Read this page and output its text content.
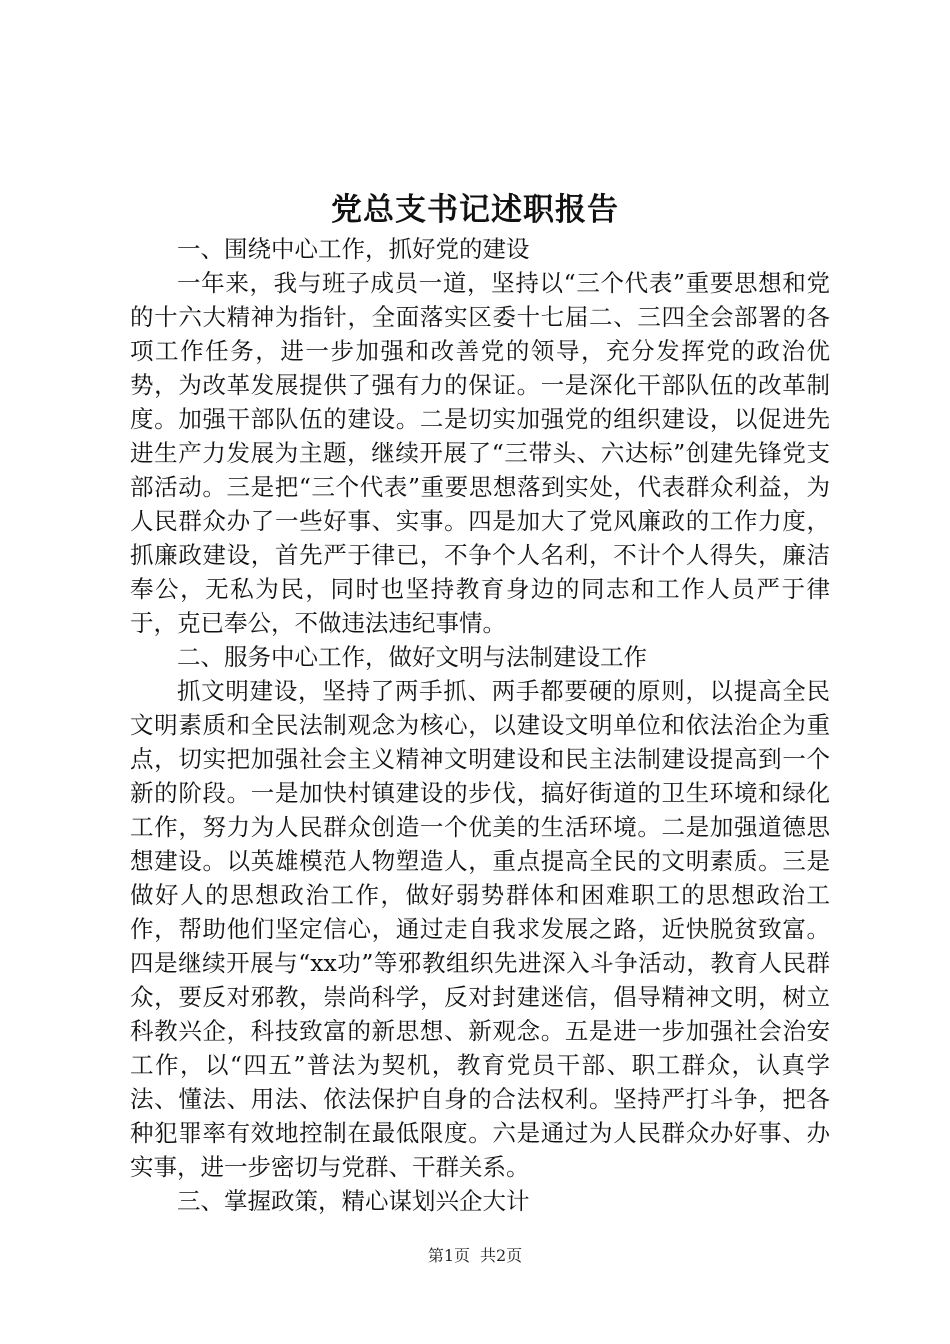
党总支书记述职报告

一、围绕中心工作，抓好党的建设

一年来，我与班子成员一道，坚持以“三个代表”重要思想和党的十六大精神为指针，全面落实区委十七届二、三四全会部署的各项工作任务，进一步加强和改善党的领导，充分发挥党的政治优势，为改革发展提供了强有力的保证。一是深化干部队伍的改革制度。加强干部队伍的建设。二是切实加强党的组织建设，以促进先进生产力发展为主题，继续开展了“三带头、六达标”创建先锋党支部活动。三是把“三个代表”重要思想落到实处，代表群众利益，为人民群众办了一些好事、实事。四是加大了党风廉政的工作力度，抓廉政建设，首先严于律已，不争个人名利，不计个人得失，廉洁奉公，无私为民，同时也坚持教育身边的同志和工作人员严于律于，克已奉公，不做违法违纪事情。

二、服务中心工作，做好文明与法制建设工作

抓文明建设，坚持了两手抓、两手都要硬的原则，以提高全民文明素质和全民法制观念为核心，以建设文明单位和依法治企为重点，切实把加强社会主义精神文明建设和民主法制建设提高到一个新的阶段。一是加快村镇建设的步伐，搞好街道的卫生环境和绿化工作，努力为人民群众创造一个优美的生活环境。二是加强道德思想建设。以英雄模范人物塑造人，重点提高全民的文明素质。三是做好人的思想政治工作，做好弱势群体和困难职工的思想政治工作，帮助他们坚定信心，通过走自我求发展之路，近快脱贫致富。四是继续开展与“xx功”等邪教组织先进深入斗争活动，教育人民群众，要反对邪教，崇尚科学，反对封建迷信，倡导精神文明，树立科教兴企，科技致富的新思想、新观念。五是进一步加强社会治安工作，以“四五”普法为契机，教育党员干部、职工群众，认真学法、懂法、用法、依法保护自身的合法权利。坚持严打斗争，把各种犯罪率有效地控制在最低限度。六是通过为人民群众办好事、办实事，进一步密切与党群、干群关系。

三、掌握政策，精心谋划兴企大计

第1页 共2页
